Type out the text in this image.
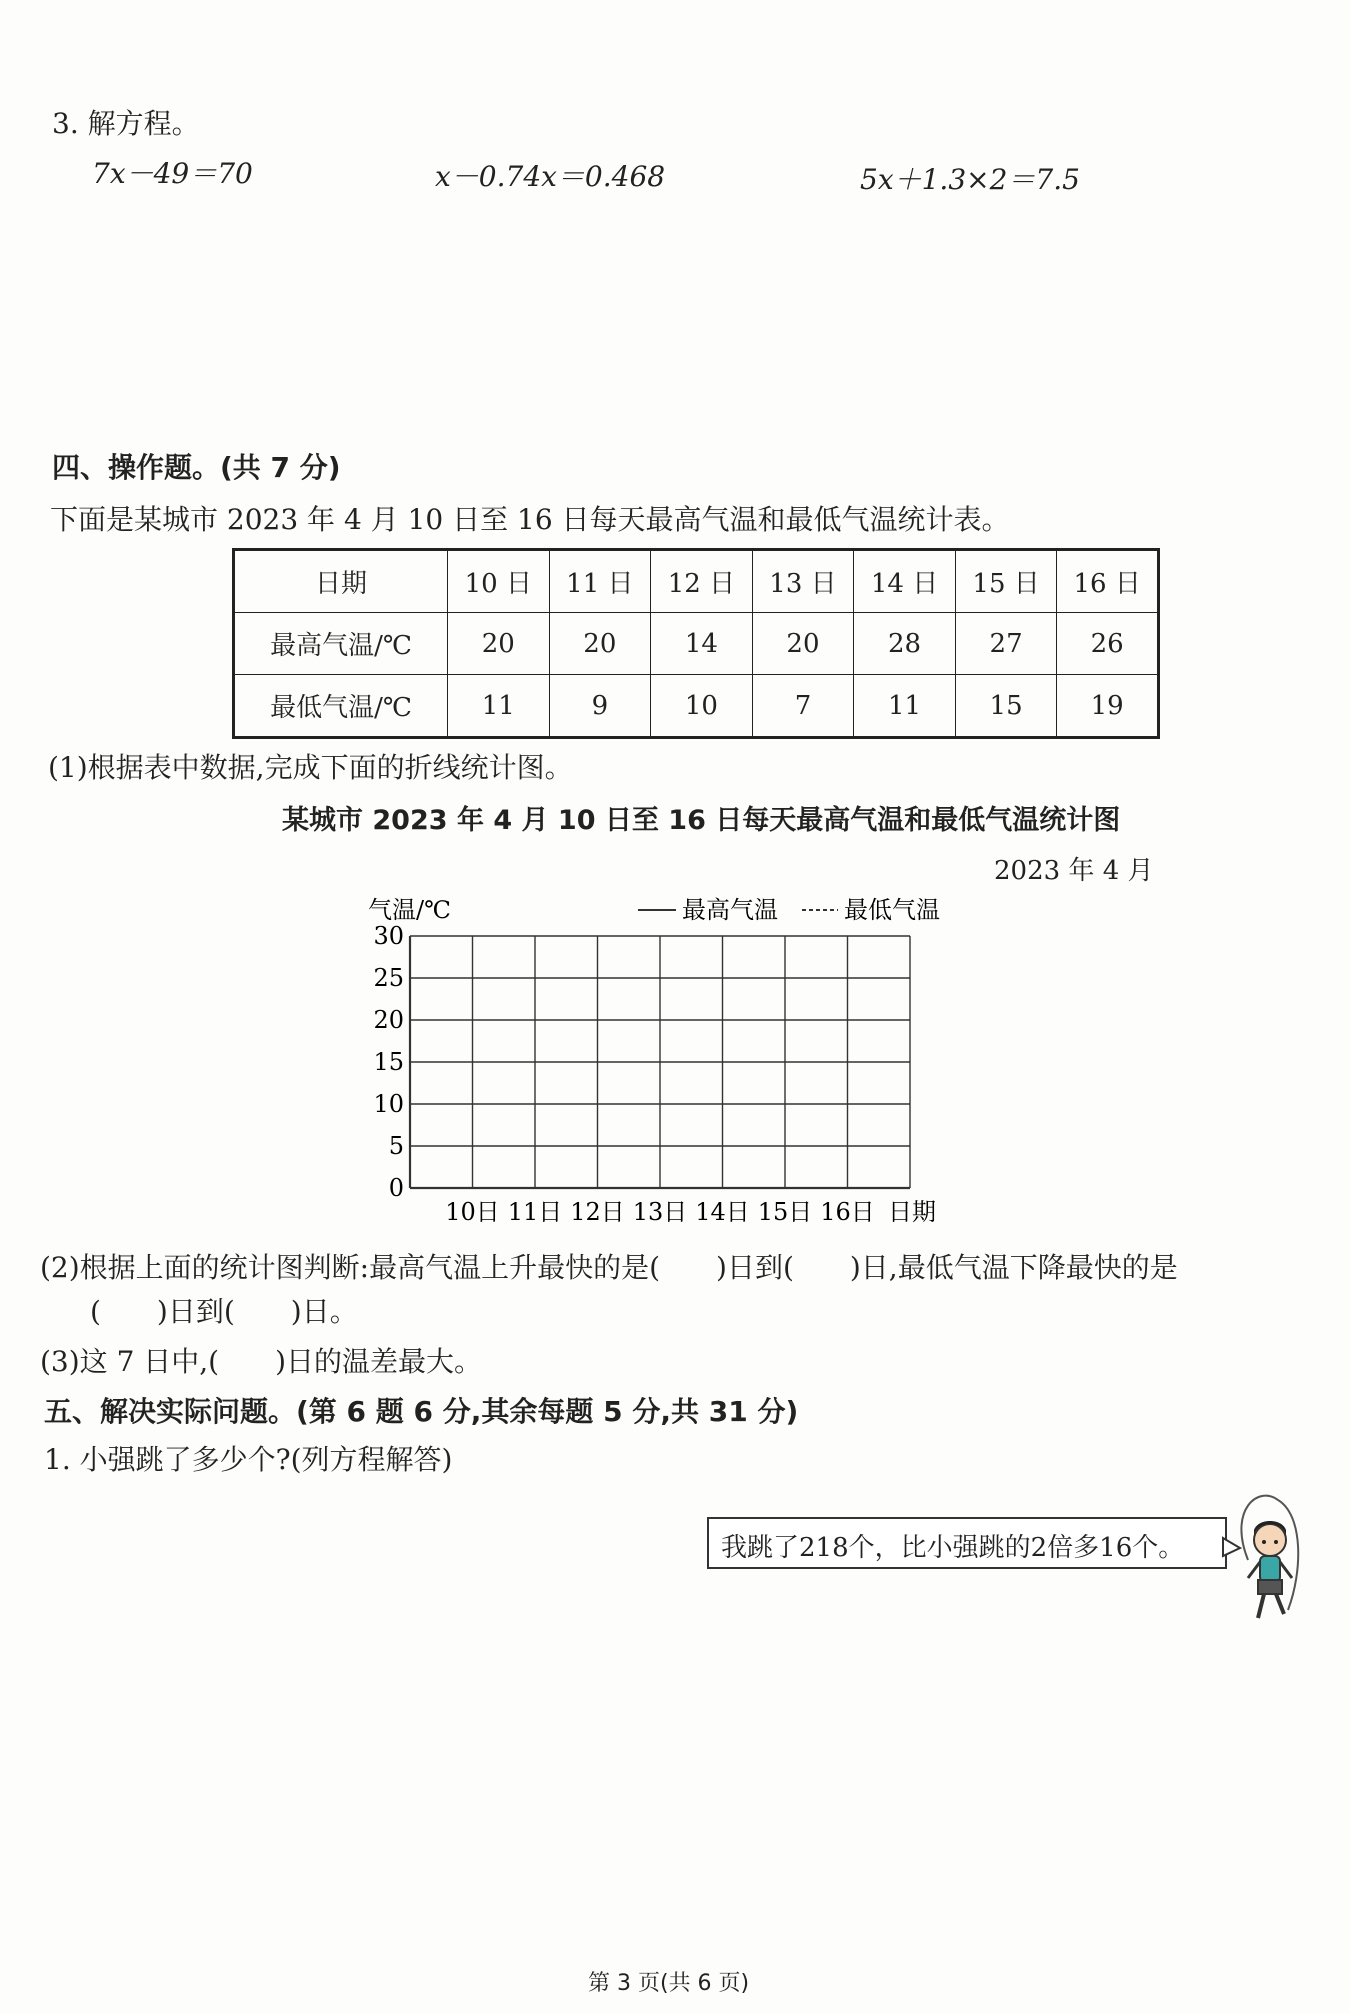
3. 解方程。
7x－49＝70	x－0.74x＝0.468	5x＋1.3×2＝7.5
四、操作题。(共 7 分)
下面是某城市 2023 年 4 月 10 日至 16 日每天最高气温和最低气温统计表。
日期	10 日	11 日	12 日	13 日	14 日	15 日	16 日
最高气温/℃	20	20	14	20	28	27	26
最低气温/℃	11	9	10	7	11	15	19
(1)根据表中数据,完成下面的折线统计图。
某城市 2023 年 4 月 10 日至 16 日每天最高气温和最低气温统计图
2023 年 4 月
0
5
10
15
20
25
30
10日 11日 12日 13日 14日 15日 16日
气温/℃
日期
最高气温	最低气温
(2)根据上面的统计图判断:最高气温上升最快的是(　　)日到(　　)日,最低气温下降最快的是
(　　)日到(　　)日。
(3)这 7 日中,(　　)日的温差最大。
五、解决实际问题。(第 6 题 6 分,其余每题 5 分,共 31 分)
1. 小强跳了多少个?(列方程解答)
我跳了218个，比小强跳的2倍多16个。
第 3 页(共 6 页)
